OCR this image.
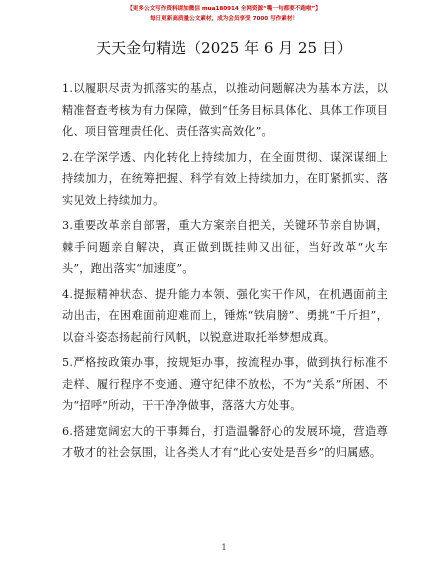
【更多公文写作资料请加微信 mua180914 全网资源“嘴一句都要不跑啦”】
每日更新高质量公文素材，成为会员享受 7000 写作素材！
天天金句精选（2025 年 6 月 25 日）

1.以履职尽责为抓落实的基点，以推动问题解决为基本方法，以精准督查考核为有力保障，做到“任务目标具体化、具体工作项目化、项目管理责任化、责任落实高效化”。

2.在学深学透、内化转化上持续加力，在全面贯彻、谋深谋细上持续加力，在统筹把握、科学有效上持续加力，在盯紧抓实、落实见效上持续加力。

3.重要改革亲自部署，重大方案亲自把关，关键环节亲自协调，棘手问题亲自解决，真正做到既挂帅又出征，当好改革“火车头”，跑出落实“加速度”。

4.提振精神状态、提升能力本领、强化实干作风，在机遇面前主动出击，在困难面前迎难而上，锤炼“铁肩膀”、勇挑“千斤担”，以奋斗姿态扬起前行风帆，以锐意进取托举梦想成真。

5.严格按政策办事，按规矩办事，按流程办事，做到执行标准不走样、履行程序不变通、遵守纪律不放松，不为“关系”所困、不为“招呼”所动，干干净净做事，落落大方处事。

6.搭建宽阔宏大的干事舞台，打造温馨舒心的发展环境，营造尊才敬才的社会氛围，让各类人才有“此心安处是吾乡”的归属感。

1
